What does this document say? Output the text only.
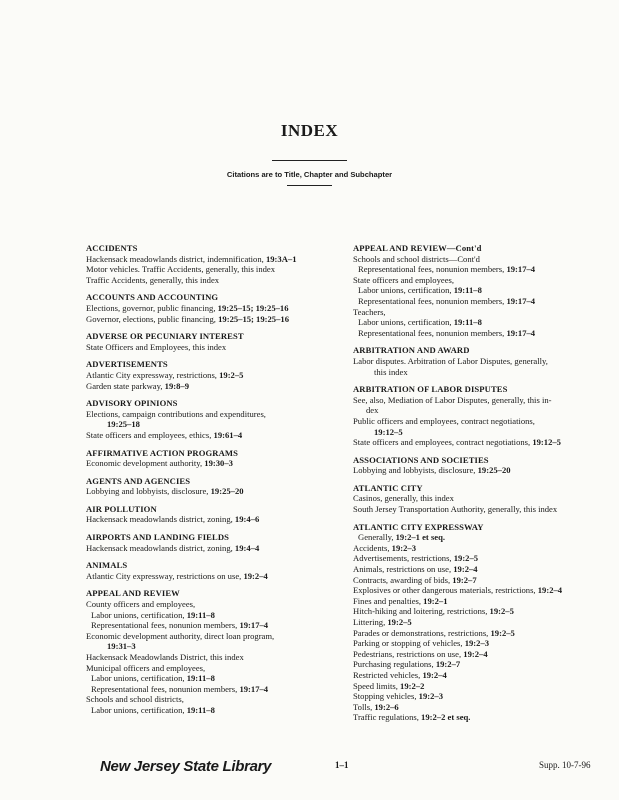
INDEX
Citations are to Title, Chapter and Subchapter
ACCIDENTS
Hackensack meadowlands district, indemnification, 19:3A–1
Motor vehicles. Traffic Accidents, generally, this index
Traffic Accidents, generally, this index
ACCOUNTS AND ACCOUNTING
Elections, governor, public financing, 19:25–15; 19:25–16
Governor, elections, public financing, 19:25–15; 19:25–16
ADVERSE OR PECUNIARY INTEREST
State Officers and Employees, this index
ADVERTISEMENTS
Atlantic City expressway, restrictions, 19:2–5
Garden state parkway, 19:8–9
ADVISORY OPINIONS
Elections, campaign contributions and expenditures,
19:25–18
State officers and employees, ethics, 19:61–4
AFFIRMATIVE ACTION PROGRAMS
Economic development authority, 19:30–3
AGENTS AND AGENCIES
Lobbying and lobbyists, disclosure, 19:25–20
AIR POLLUTION
Hackensack meadowlands district, zoning, 19:4–6
AIRPORTS AND LANDING FIELDS
Hackensack meadowlands district, zoning, 19:4–4
ANIMALS
Atlantic City expressway, restrictions on use, 19:2–4
APPEAL AND REVIEW
County officers and employees,
Labor unions, certification, 19:11–8
Representational fees, nonunion members, 19:17–4
Economic development authority, direct loan program,
19:31–3
Hackensack Meadowlands District, this index
Municipal officers and employees,
Labor unions, certification, 19:11–8
Representational fees, nonunion members, 19:17–4
Schools and school districts,
Labor unions, certification, 19:11–8
APPEAL AND REVIEW—Cont'd
Schools and school districts—Cont'd
Representational fees, nonunion members, 19:17–4
State officers and employees,
Labor unions, certification, 19:11–8
Representational fees, nonunion members, 19:17–4
Teachers,
Labor unions, certification, 19:11–8
Representational fees, nonunion members, 19:17–4
ARBITRATION AND AWARD
Labor disputes. Arbitration of Labor Disputes, generally,
this index
ARBITRATION OF LABOR DISPUTES
See, also, Mediation of Labor Disputes, generally, this in-
dex
Public officers and employees, contract negotiations,
19:12–5
State officers and employees, contract negotiations, 19:12–5
ASSOCIATIONS AND SOCIETIES
Lobbying and lobbyists, disclosure, 19:25–20
ATLANTIC CITY
Casinos, generally, this index
South Jersey Transportation Authority, generally, this index
ATLANTIC CITY EXPRESSWAY
Generally, 19:2–1 et seq.
Accidents, 19:2–3
Advertisements, restrictions, 19:2–5
Animals, restrictions on use, 19:2–4
Contracts, awarding of bids, 19:2–7
Explosives or other dangerous materials, restrictions, 19:2–4
Fines and penalties, 19:2–1
Hitch-hiking and loitering, restrictions, 19:2–5
Littering, 19:2–5
Parades or demonstrations, restrictions, 19:2–5
Parking or stopping of vehicles, 19:2–3
Pedestrians, restrictions on use, 19:2–4
Purchasing regulations, 19:2–7
Restricted vehicles, 19:2–4
Speed limits, 19:2–2
Stopping vehicles, 19:2–3
Tolls, 19:2–6
Traffic regulations, 19:2–2 et seq.
New Jersey State Library	1–1	Supp. 10-7-96
